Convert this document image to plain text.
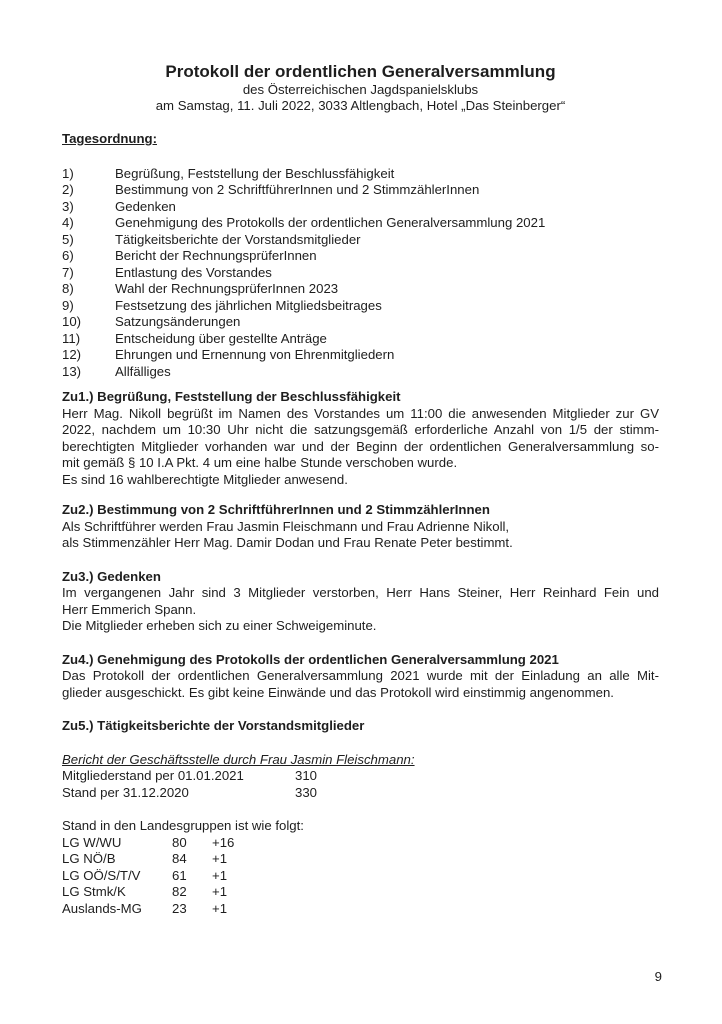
Protokoll der ordentlichen Generalversammlung
des Österreichischen Jagdspanielsklubs
am Samstag, 11. Juli 2022, 3033 Altlengbach, Hotel „Das Steinberger“
Tagesordnung:
1)	Begrüßung, Feststellung der Beschlussfähigkeit
2)	Bestimmung von 2 SchriftführerInnen und 2 StimmzählerInnen
3)	Gedenken
4)	Genehmigung des Protokolls der ordentlichen Generalversammlung 2021
5)	Tätigkeitsberichte der Vorstandsmitglieder
6)	Bericht der RechnungsprüferInnen
7)	Entlastung des Vorstandes
8)	Wahl der RechnungsprüferInnen 2023
9)	Festsetzung des jährlichen Mitgliedsbeitrages
10)	Satzungsänderungen
11)	Entscheidung über gestellte Anträge
12)	Ehrungen und Ernennung von Ehrenmitgliedern
13)	Allfälliges
Zu1.) Begrüßung, Feststellung der Beschlussfähigkeit
Herr Mag. Nikoll begrüßt im Namen des Vorstandes um 11:00 die anwesenden Mitglieder zur GV
2022, nachdem um 10:30 Uhr nicht die satzungsgemäß erforderliche Anzahl von 1/5 der stimm-
berechtigten Mitglieder vorhanden war und der Beginn der ordentlichen Generalversammlung so-
mit gemäß § 10 I.A Pkt. 4 um eine halbe Stunde verschoben wurde.
Es sind 16 wahlberechtigte Mitglieder anwesend.
Zu2.) Bestimmung von 2 SchriftführerInnen und 2 StimmzählerInnen
Als Schriftführer werden Frau Jasmin Fleischmann und Frau Adrienne Nikoll,
als Stimmenzähler Herr Mag. Damir Dodan und Frau Renate Peter bestimmt.
Zu3.) Gedenken
Im vergangenen Jahr sind 3 Mitglieder verstorben, Herr Hans Steiner, Herr Reinhard Fein und
Herr Emmerich Spann.
Die Mitglieder erheben sich zu einer Schweigeminute.
Zu4.) Genehmigung des Protokolls der ordentlichen Generalversammlung 2021
Das Protokoll der ordentlichen Generalversammlung 2021 wurde mit der Einladung an alle Mit-
glieder ausgeschickt. Es gibt keine Einwände und das Protokoll wird einstimmig angenommen.
Zu5.) Tätigkeitsberichte der Vorstandsmitglieder
Bericht der Geschäftsstelle durch Frau Jasmin Fleischmann:
Mitgliederstand per 01.01.2021	310
Stand per 31.12.2020	330
Stand in den Landesgruppen ist wie folgt:
LG W/WU	80 +16
LG NÖ/B	84 +1
LG OÖ/S/T/V 61 +1
LG Stmk/K	82 +1
Auslands-MG 23 +1
9
